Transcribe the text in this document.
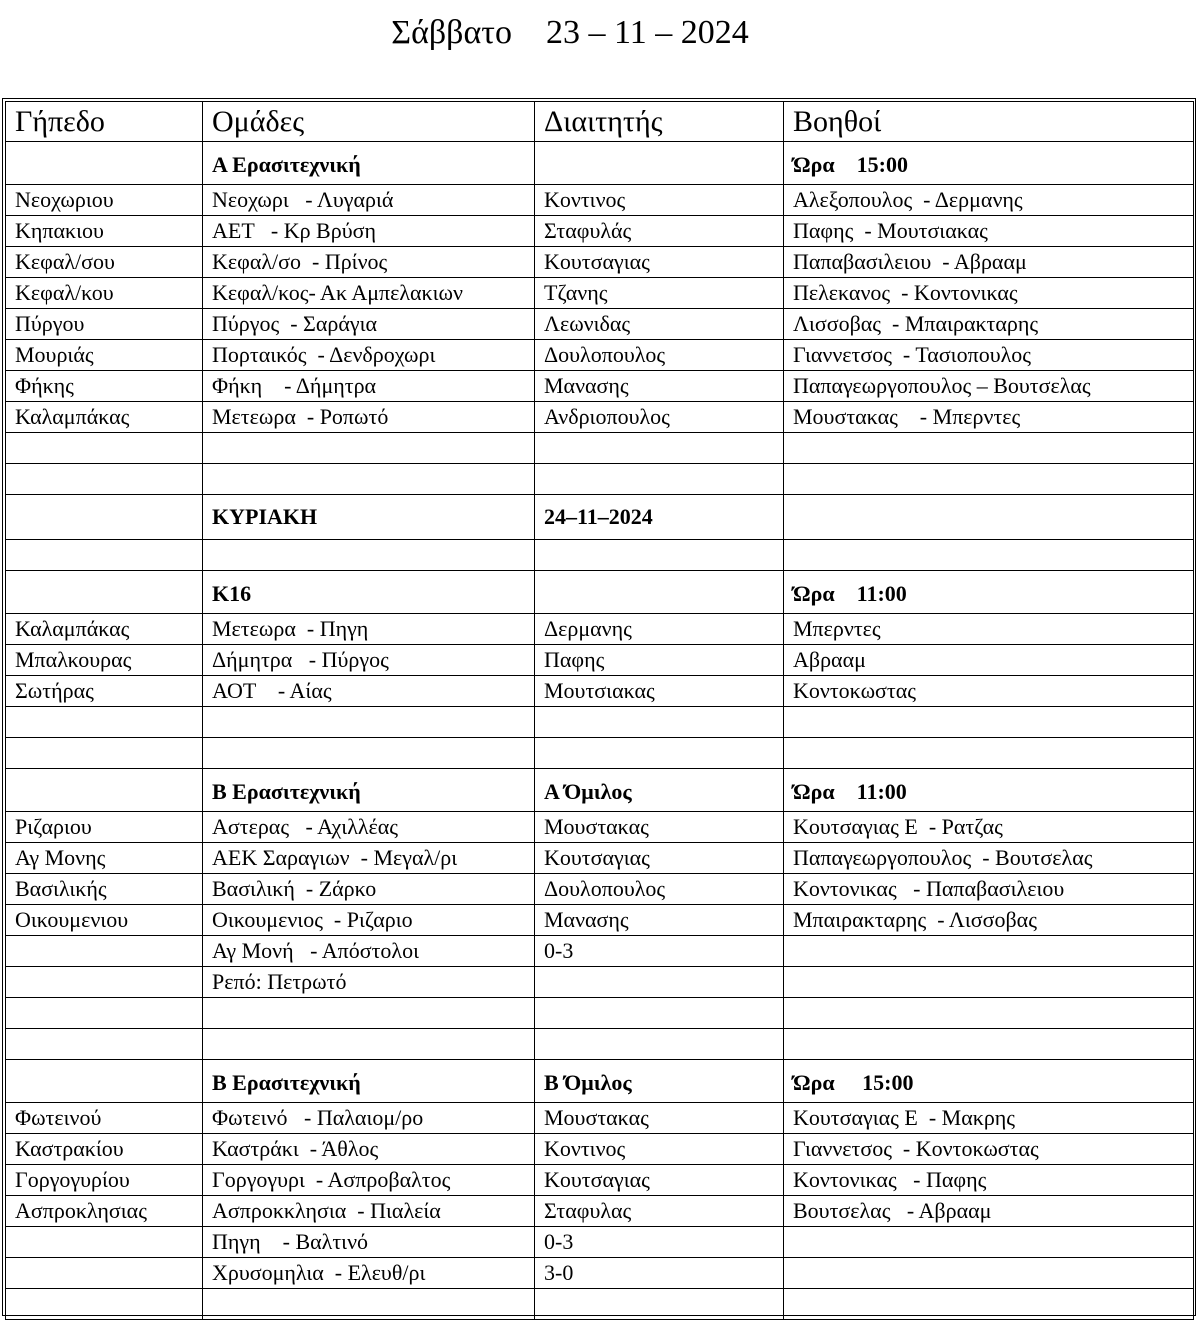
Σάββατο    23 – 11 – 2024
Γήπεδο	Ομάδες	Διαιτητής	Βοηθοί
	Α Ερασιτεχνική		Ώρα    15:00
Νεοχωριου	Νεοχωρι   - Λυγαριά	Κοντινος	Αλεξοπουλος  - Δερμανης
Κηπακιου	ΑΕΤ   - Κρ Βρύση	Σταφυλάς	Παφης  - Μουτσιακας
Κεφαλ/σου	Κεφαλ/σο  - Πρίνος	Κουτσαγιας	Παπαβασιλειου  - Αβρααμ
Κεφαλ/κου	Κεφαλ/κος- Ακ Αμπελακιων	Τζανης	Πελεκανος  - Κοντονικας
Πύργου	Πύργος  - Σαράγια	Λεωνιδας	Λισσοβας  - Μπαιρακταρης
Μουριάς	Πορταικός  - Δενδροχωρι	Δουλοπουλος	Γιαννετσος  - Τασιοπουλος
Φήκης	Φήκη    - Δήμητρα	Μανασης	Παπαγεωργοπουλος – Βουτσελας
Καλαμπάκας	Μετεωρα  - Ροπωτό	Ανδριοπουλος	Μουστακας    - Μπερντες

	ΚΥΡΙΑΚΗ	24–11–2024	

	Κ16		Ώρα    11:00
Καλαμπάκας	Μετεωρα  - Πηγη	Δερμανης	Μπερντες
Μπαλκουρας	Δήμητρα   - Πύργος	Παφης	Αβρααμ
Σωτήρας	ΑΟΤ    - Αίας	Μουτσιακας	Κοντοκωστας

	Β Ερασιτεχνική	Α Όμιλος	Ώρα    11:00
Ριζαριου	Αστερας   - Αχιλλέας	Μουστακας	Κουτσαγιας Ε  - Ρατζας
Αγ Μονης	ΑΕΚ Σαραγιων  - Μεγαλ/ρι	Κουτσαγιας	Παπαγεωργοπουλος  - Βουτσελας
Βασιλικής	Βασιλική  - Ζάρκο	Δουλοπουλος	Κοντονικας   - Παπαβασιλειου
Οικουμενιου	Οικουμενιος  - Ριζαριο	Μανασης	Μπαιρακταρης  - Λισσοβας
	Αγ Μονή   - Απόστολοι	0-3	
	Ρεπό: Πετρωτό		

	Β Ερασιτεχνική	Β Όμιλος	Ώρα     15:00
Φωτεινού	Φωτεινό   - Παλαιομ/ρο	Μουστακας	Κουτσαγιας Ε  - Μακρης
Καστρακίου	Καστράκι  - Άθλος	Κοντινος	Γιαννετσος  - Κοντοκωστας
Γοργογυρίου	Γοργογυρι  - Ασπροβαλτος	Κουτσαγιας	Κοντονικας   - Παφης
Ασπροκλησιας	Ασπροκκλησια  - Πιαλεία	Σταφυλας	Βουτσελας   - Αβρααμ
	Πηγη    - Βαλτινό	0-3	
	Χρυσομηλια  - Ελευθ/ρι	3-0	
